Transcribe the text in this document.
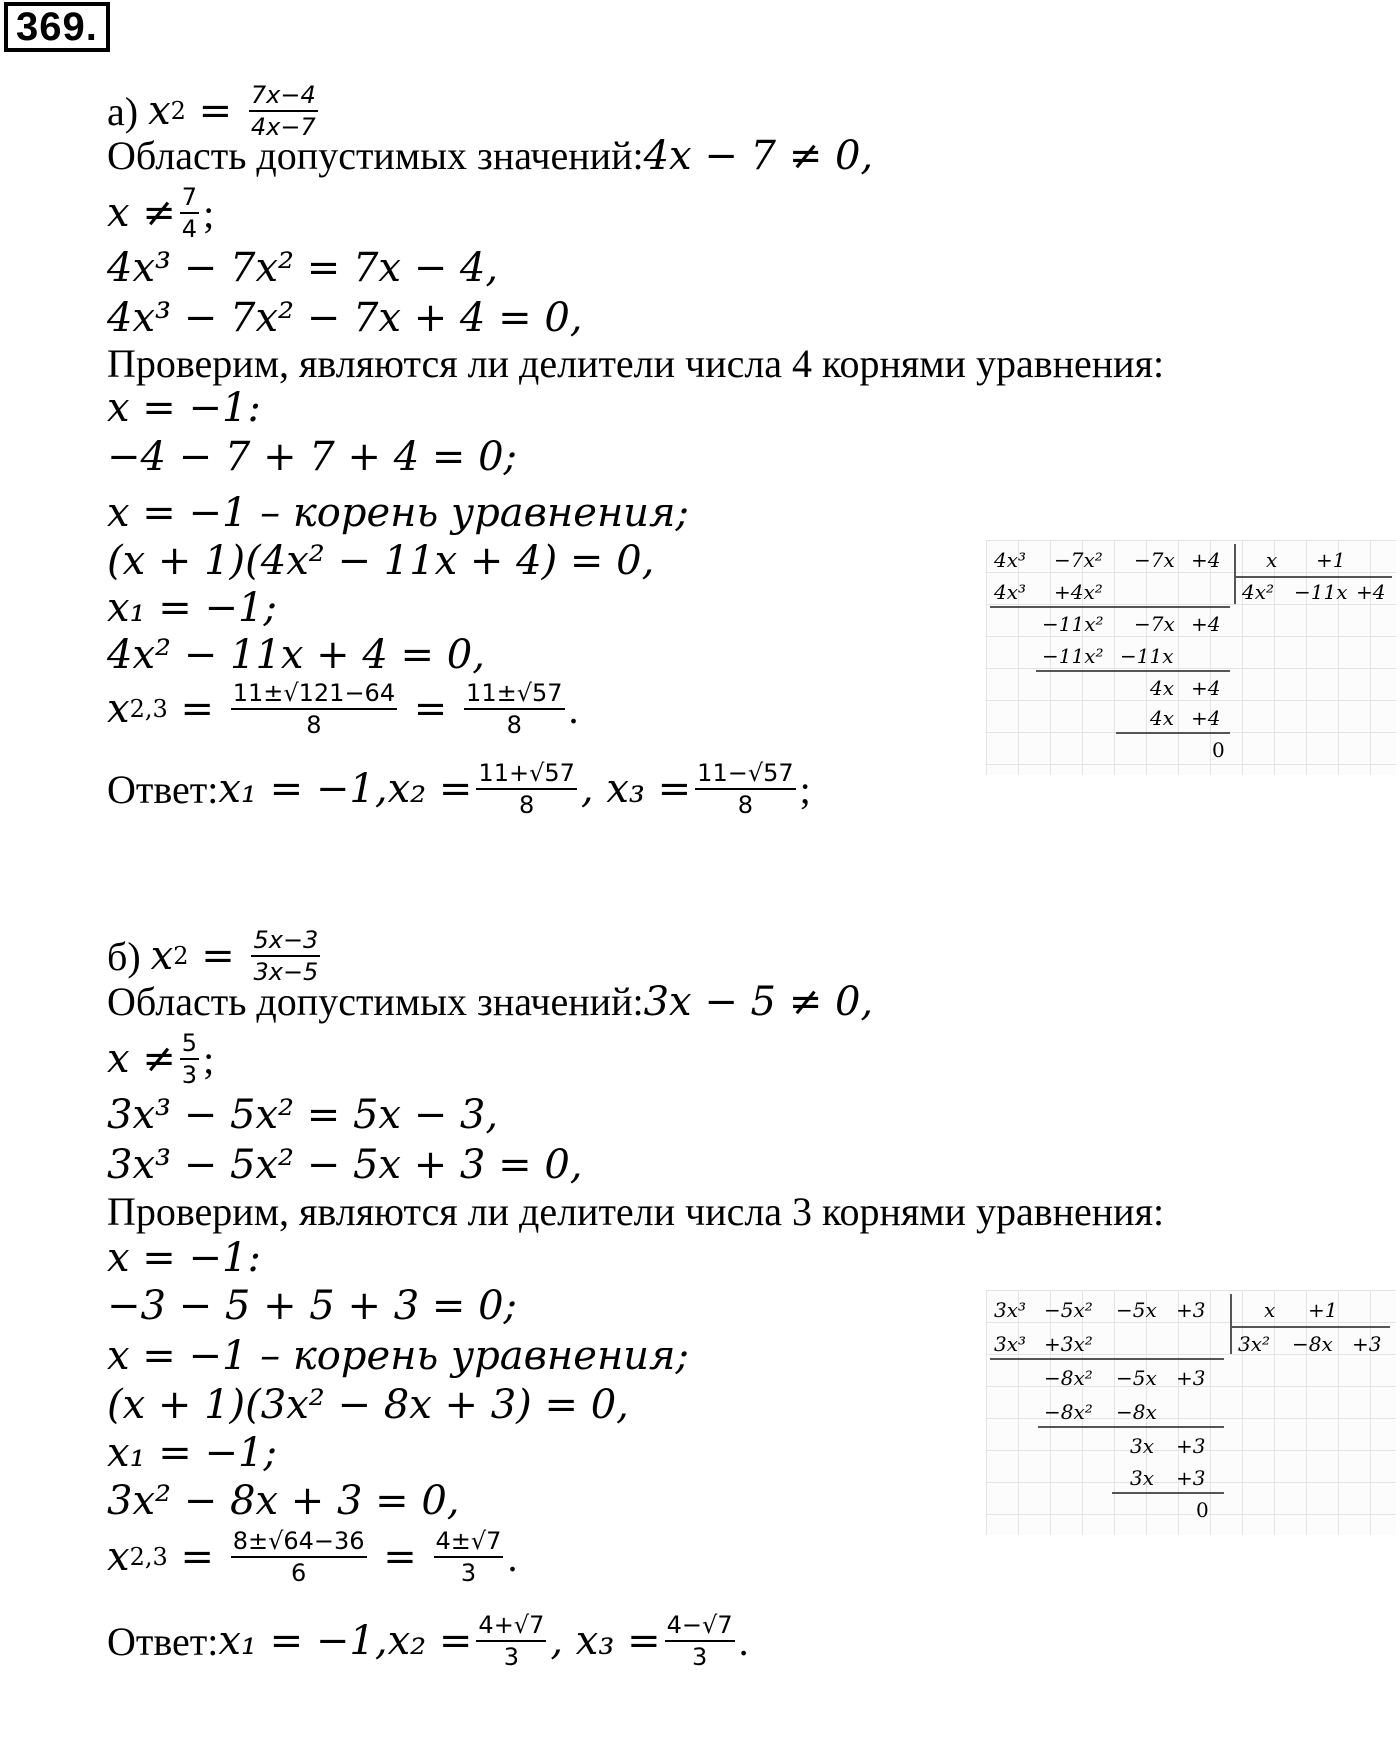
369.
а)
x $2 = \frac{7x-4}{4x-7}$
Область допустимых значений: 4x − 7 ≠ 0,
$x \ne \frac{7}{4}$ ;
4x³ − 7x² = 7x − 4,
4x³ − 7x² − 7x + 4 = 0,
Проверим, являются ли делители числа 4 корнями уравнения:
x = −1:
−4 − 7 + 7 + 4 = 0;
x = −1 – корень уравнения;
(x + 1)(4x² − 11x + 4) = 0,
x₁ = −1;
4x² − 11x + 4 = 0,
x $2,3 = \frac{11\pm√121-64}{8} = \frac{11\pm√57}{8}$ .
Ответ: x₁ = −1, $x_2 = \frac{11+√57}{8}$ , $x_3 = \frac{11-√57}{8}$ ;
б)
x $2 = \frac{5x-3}{3x-5}$
Область допустимых значений: 3x − 5 ≠ 0,
$x \ne \frac{5}{3}$ ;
3x³ − 5x² = 5x − 3,
3x³ − 5x² − 5x + 3 = 0,
Проверим, являются ли делители числа 3 корнями уравнения:
x = −1:
−3 − 5 + 5 + 3 = 0;
x = −1 – корень уравнения;
(x + 1)(3x² − 8x + 3) = 0,
x₁ = −1;
3x² − 8x + 3 = 0,
x $2,3 = \frac{8\pm√64-36}{6} = \frac{4\pm√7}{3}$ .
Ответ: x₁ = −1, $x_2 = \frac{4+√7}{3}$ , $x_3 = \frac{4-√7}{3}$ .
4x³ −7x² −7x +4 x +1
4x² −11x +4
4x³ +4x²
−11x² −7x +4
−11x² −11x
4x +4
4x +4
0
3x³ −5x² −5x +3	x +1
3x² −8x +3
3x³ +3x²
−8x² −5x +3
−8x² −8x
3x +3
3x +3
0
